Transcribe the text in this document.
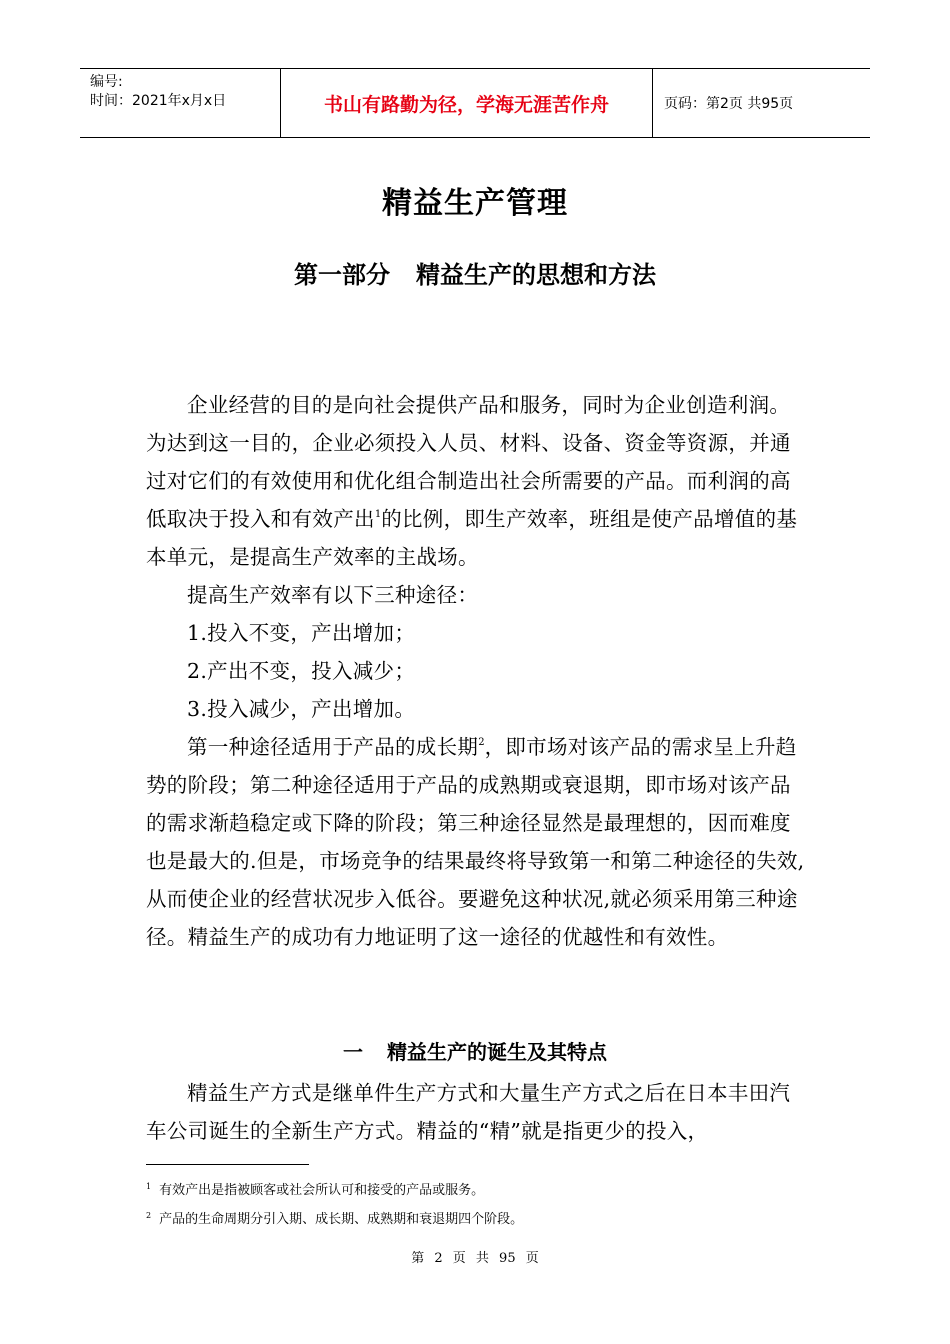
编号:
时间：2021年x月x日	书山有路勤为径，学海无涯苦作舟	页码：第2页 共95页
精益生产管理
第一部分 精益生产的思想和方法

企业经营的目的是向社会提供产品和服务，同时为企业创造利润。为达到这一目的，企业必须投入人员、材料、设备、资金等资源，并通过对它们的有效使用和优化组合制造出社会所需要的产品。而利润的高低取决于投入和有效产出$^1$的比例，即生产效率，班组是使产品增值的基本单元，是提高生产效率的主战场。

提高生产效率有以下三种途径：

1.投入不变，产出增加；

2.产出不变，投入减少；

3.投入减少，产出增加。

第一种途径适用于产品的成长期$^2$，即市场对该产品的需求呈上升趋势的阶段；第二种途径适用于产品的成熟期或衰退期，即市场对该产品的需求渐趋稳定或下降的阶段；第三种途径显然是最理想的，因而难度也是最大的.但是，市场竞争的结果最终将导致第一和第二种途径的失效,从而使企业的经营状况步入低谷。要避免这种状况,就必须采用第三种途径。精益生产的成功有力地证明了这一途径的优越性和有效性。

一 精益生产的诞生及其特点

精益生产方式是继单件生产方式和大量生产方式之后在日本丰田汽车公司诞生的全新生产方式。精益的“精”就是指更少的投入，

$^1$ 有效产出是指被顾客或社会所认可和接受的产品或服务。
$^2$ 产品的生命周期分引入期、成长期、成熟期和衰退期四个阶段。
第 2 页 共 95 页
